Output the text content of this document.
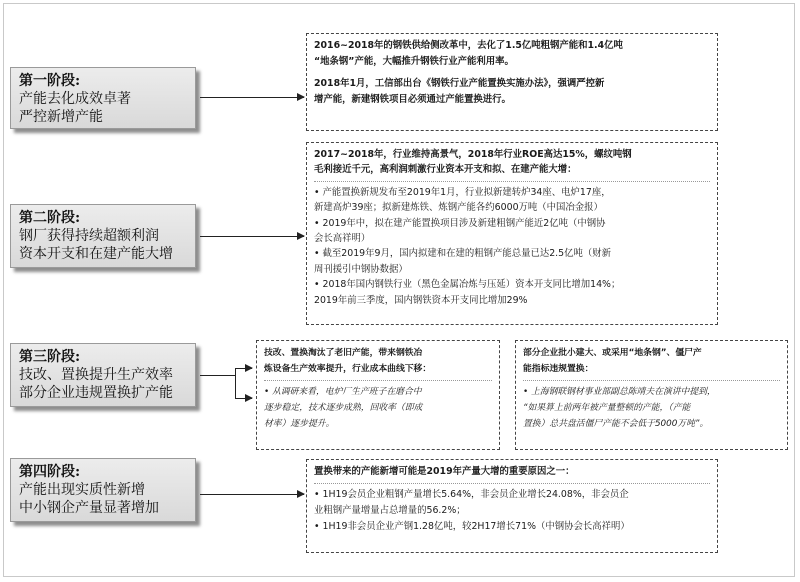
第一阶段:
产能去化成效卓著
严控新增产能
第二阶段:
钢厂获得持续超额利润
资本开支和在建产能大增
第三阶段:
技改、置换提升生产效率
部分企业违规置换扩产能
第四阶段:
产能出现实质性新增
中小钢企产量显著增加

2016~2018年的钢铁供给侧改革中，去化了1.5亿吨粗钢产能和1.4亿吨

“地条钢”产能，大幅推升钢铁行业产能利用率。

2018年1月，工信部出台《钢铁行业产能置换实施办法》，强调严控新

增产能，新建钢铁项目必须通过产能置换进行。

2017~2018年，行业维持高景气，2018年行业ROE高达15%，螺纹吨钢

毛利接近千元，高利润刺激行业资本开支和拟、在建产能大增：

• 产能置换新规发布至2019年1月，行业拟新建转炉34座、电炉17座，

新建高炉39座；拟新建炼铁、炼钢产能各约6000万吨（中国冶金报）

• 2019年中，拟在建产能置换项目涉及新建粗钢产能近2亿吨（中钢协

会长高祥明）

• 截至2019年9月，国内拟建和在建的粗钢产能总量已达2.5亿吨（财新

周刊援引中钢协数据）

• 2018年国内钢铁行业（黑色金属冶炼与压延）资本开支同比增加14%；

2019年前三季度，国内钢铁资本开支同比增加29%

技改、置换淘汰了老旧产能，带来钢铁冶

炼设备生产效率提升，行业成本曲线下移：

• 从调研来看，电炉厂生产班子在磨合中

逐步稳定，技术逐步成熟，回收率（即成

材率）逐步提升。

部分企业批小建大、或采用“地条钢”、僵尸产

能指标违规置换：

• 上海钢联钢材事业部副总陈靖夫在演讲中提到，

“如果算上前两年被产量整顿的产能，（产能

置换）总共盘活僵尸产能不会低于5000万吨”。

置换带来的产能新增可能是2019年产量大增的重要原因之一：

• 1H19会员企业粗钢产量增长5.64%，非会员企业增长24.08%，非会员企

业粗钢产量增量占总增量的56.2%；

• 1H19非会员企业产钢1.28亿吨，较2H17增长71%（中钢协会长高祥明）
